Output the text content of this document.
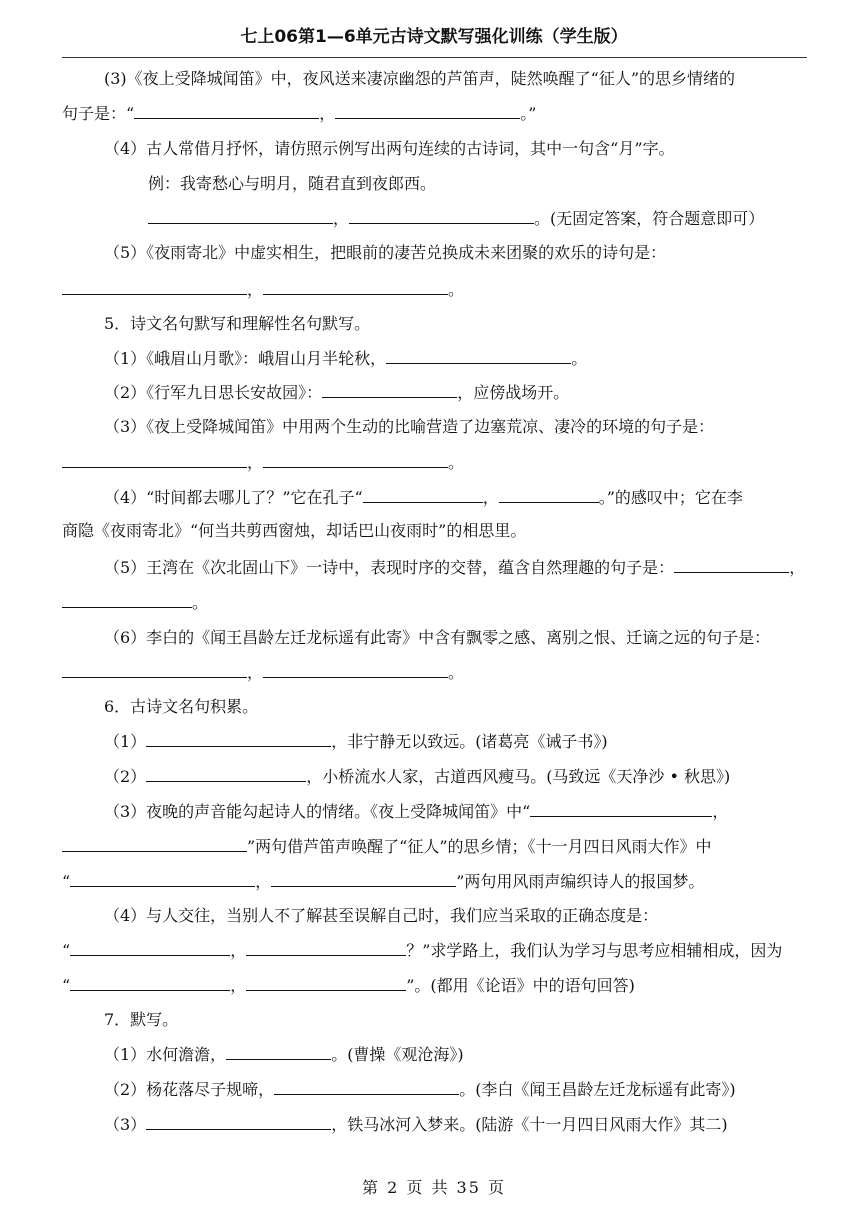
七上06第1—6单元古诗文默写强化训练（学生版）
(3)《夜上受降城闻笛》中，夜风送来凄凉幽怨的芦笛声，陡然唤醒了“征人”的思乡情绪的
句子是：“	，	。”
（4）古人常借月抒怀，请仿照示例写出两句连续的古诗词，其中一句含“月”字。
例：我寄愁心与明月，随君直到夜郎西。
，	。(无固定答案，符合题意即可）
（5）《夜雨寄北》中虚实相生，把眼前的凄苦兑换成未来团聚的欢乐的诗句是：
，	。
5．诗文名句默写和理解性名句默写。
（1）《峨眉山月歌》：峨眉山月半轮秋，	。
（2）《行军九日思长安故园》：	，应傍战场开。
（3）《夜上受降城闻笛》中用两个生动的比喻营造了边塞荒凉、凄冷的环境的句子是：
，	。
（4）“时间都去哪儿了？”它在孔子“	，	。”的感叹中；它在李
商隐《夜雨寄北》“何当共剪西窗烛，却话巴山夜雨时”的相思里。
（5）王湾在《次北固山下》一诗中，表现时序的交替，蕴含自然理趣的句子是：	，
。
（6）李白的《闻王昌龄左迁龙标遥有此寄》中含有飘零之感、离别之恨、迁谪之远的句子是：
，	。
6．古诗文名句积累。
（1）	，非宁静无以致远。(诸葛亮《诫子书》)
（2）	，小桥流水人家，古道西风瘦马。(马致远《天净沙 • 秋思》)
（3）夜晚的声音能勾起诗人的情绪。《夜上受降城闻笛》中“	，
”两句借芦笛声唤醒了“征人”的思乡情；《十一月四日风雨大作》中
“	，	”两句用风雨声编织诗人的报国梦。
（4）与人交往，当别人不了解甚至误解自己时，我们应当采取的正确态度是：
“	，	？”求学路上，我们认为学习与思考应相辅相成，因为
“	，	”。(都用《论语》中的语句回答)
7．默写。
（1）水何澹澹，	。(曹操《观沧海》)
（2）杨花落尽子规啼，	。(李白《闻王昌龄左迁龙标遥有此寄》)
（3）	，铁马冰河入梦来。(陆游《十一月四日风雨大作》其二)
第 2 页 共 35 页
